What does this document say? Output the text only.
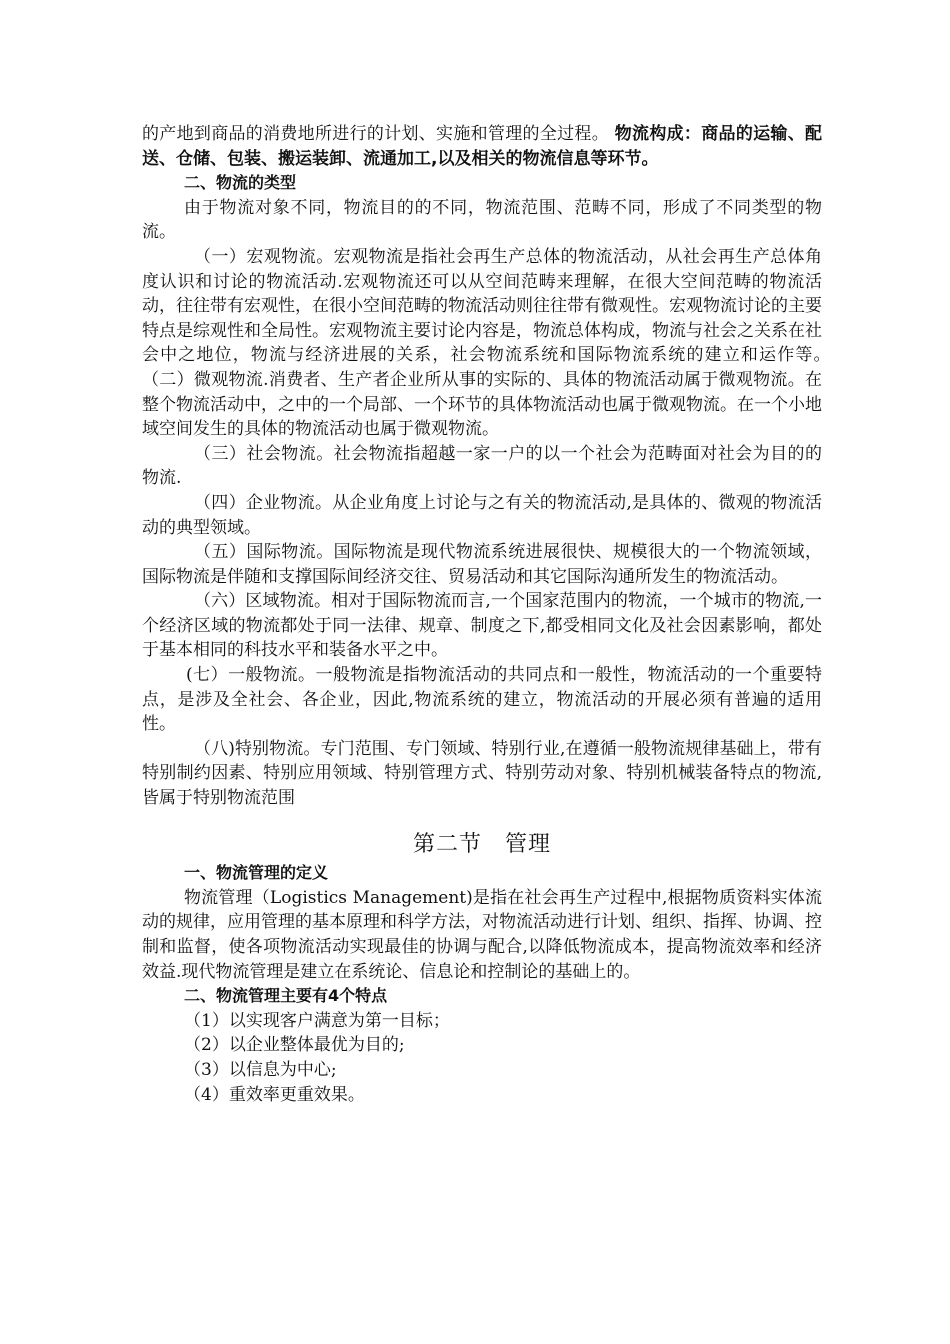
的产地到商品的消费地所进行的计划、实施和管理的全过程。 物流构成：商品的运输、配送、仓储、包装、搬运装卸、流通加工,以及相关的物流信息等环节。

二、物流的类型

由于物流对象不同，物流目的的不同，物流范围、范畴不同，形成了不同类型的物流。

（一）宏观物流。宏观物流是指社会再生产总体的物流活动，从社会再生产总体角度认识和讨论的物流活动.宏观物流还可以从空间范畴来理解，在很大空间范畴的物流活动，往往带有宏观性，在很小空间范畴的物流活动则往往带有微观性。宏观物流讨论的主要特点是综观性和全局性。宏观物流主要讨论内容是，物流总体构成，物流与社会之关系在社会中之地位，物流与经济进展的关系，社会物流系统和国际物流系统的建立和运作等。　（二）微观物流.消费者、生产者企业所从事的实际的、具体的物流活动属于微观物流。在整个物流活动中，之中的一个局部、一个环节的具体物流活动也属于微观物流。在一个小地域空间发生的具体的物流活动也属于微观物流。

（三）社会物流。社会物流指超越一家一户的以一个社会为范畴面对社会为目的的物流.

（四）企业物流。从企业角度上讨论与之有关的物流活动,是具体的、微观的物流活动的典型领域。

（五）国际物流。国际物流是现代物流系统进展很快、规模很大的一个物流领域，国际物流是伴随和支撑国际间经济交往、贸易活动和其它国际沟通所发生的物流活动。

（六）区域物流。相对于国际物流而言,一个国家范围内的物流，一个城市的物流,一个经济区域的物流都处于同一法律、规章、制度之下,都受相同文化及社会因素影响，都处于基本相同的科技水平和装备水平之中。

(七）一般物流。一般物流是指物流活动的共同点和一般性，物流活动的一个重要特点，是涉及全社会、各企业，因此,物流系统的建立，物流活动的开展必须有普遍的适用性。

（八)特别物流。专门范围、专门领域、特别行业,在遵循一般物流规律基础上，带有特别制约因素、特别应用领域、特别管理方式、特别劳动对象、特别机械装备特点的物流,皆属于特别物流范围

第二节　管理

一、物流管理的定义

物流管理（Logistics Management)是指在社会再生产过程中,根据物质资料实体流动的规律，应用管理的基本原理和科学方法，对物流活动进行计划、组织、指挥、协调、控制和监督，使各项物流活动实现最佳的协调与配合,以降低物流成本，提高物流效率和经济效益.现代物流管理是建立在系统论、信息论和控制论的基础上的。

二、物流管理主要有4个特点

（1）以实现客户满意为第一目标；

（2）以企业整体最优为目的;

（3）以信息为中心;

（4）重效率更重效果。
